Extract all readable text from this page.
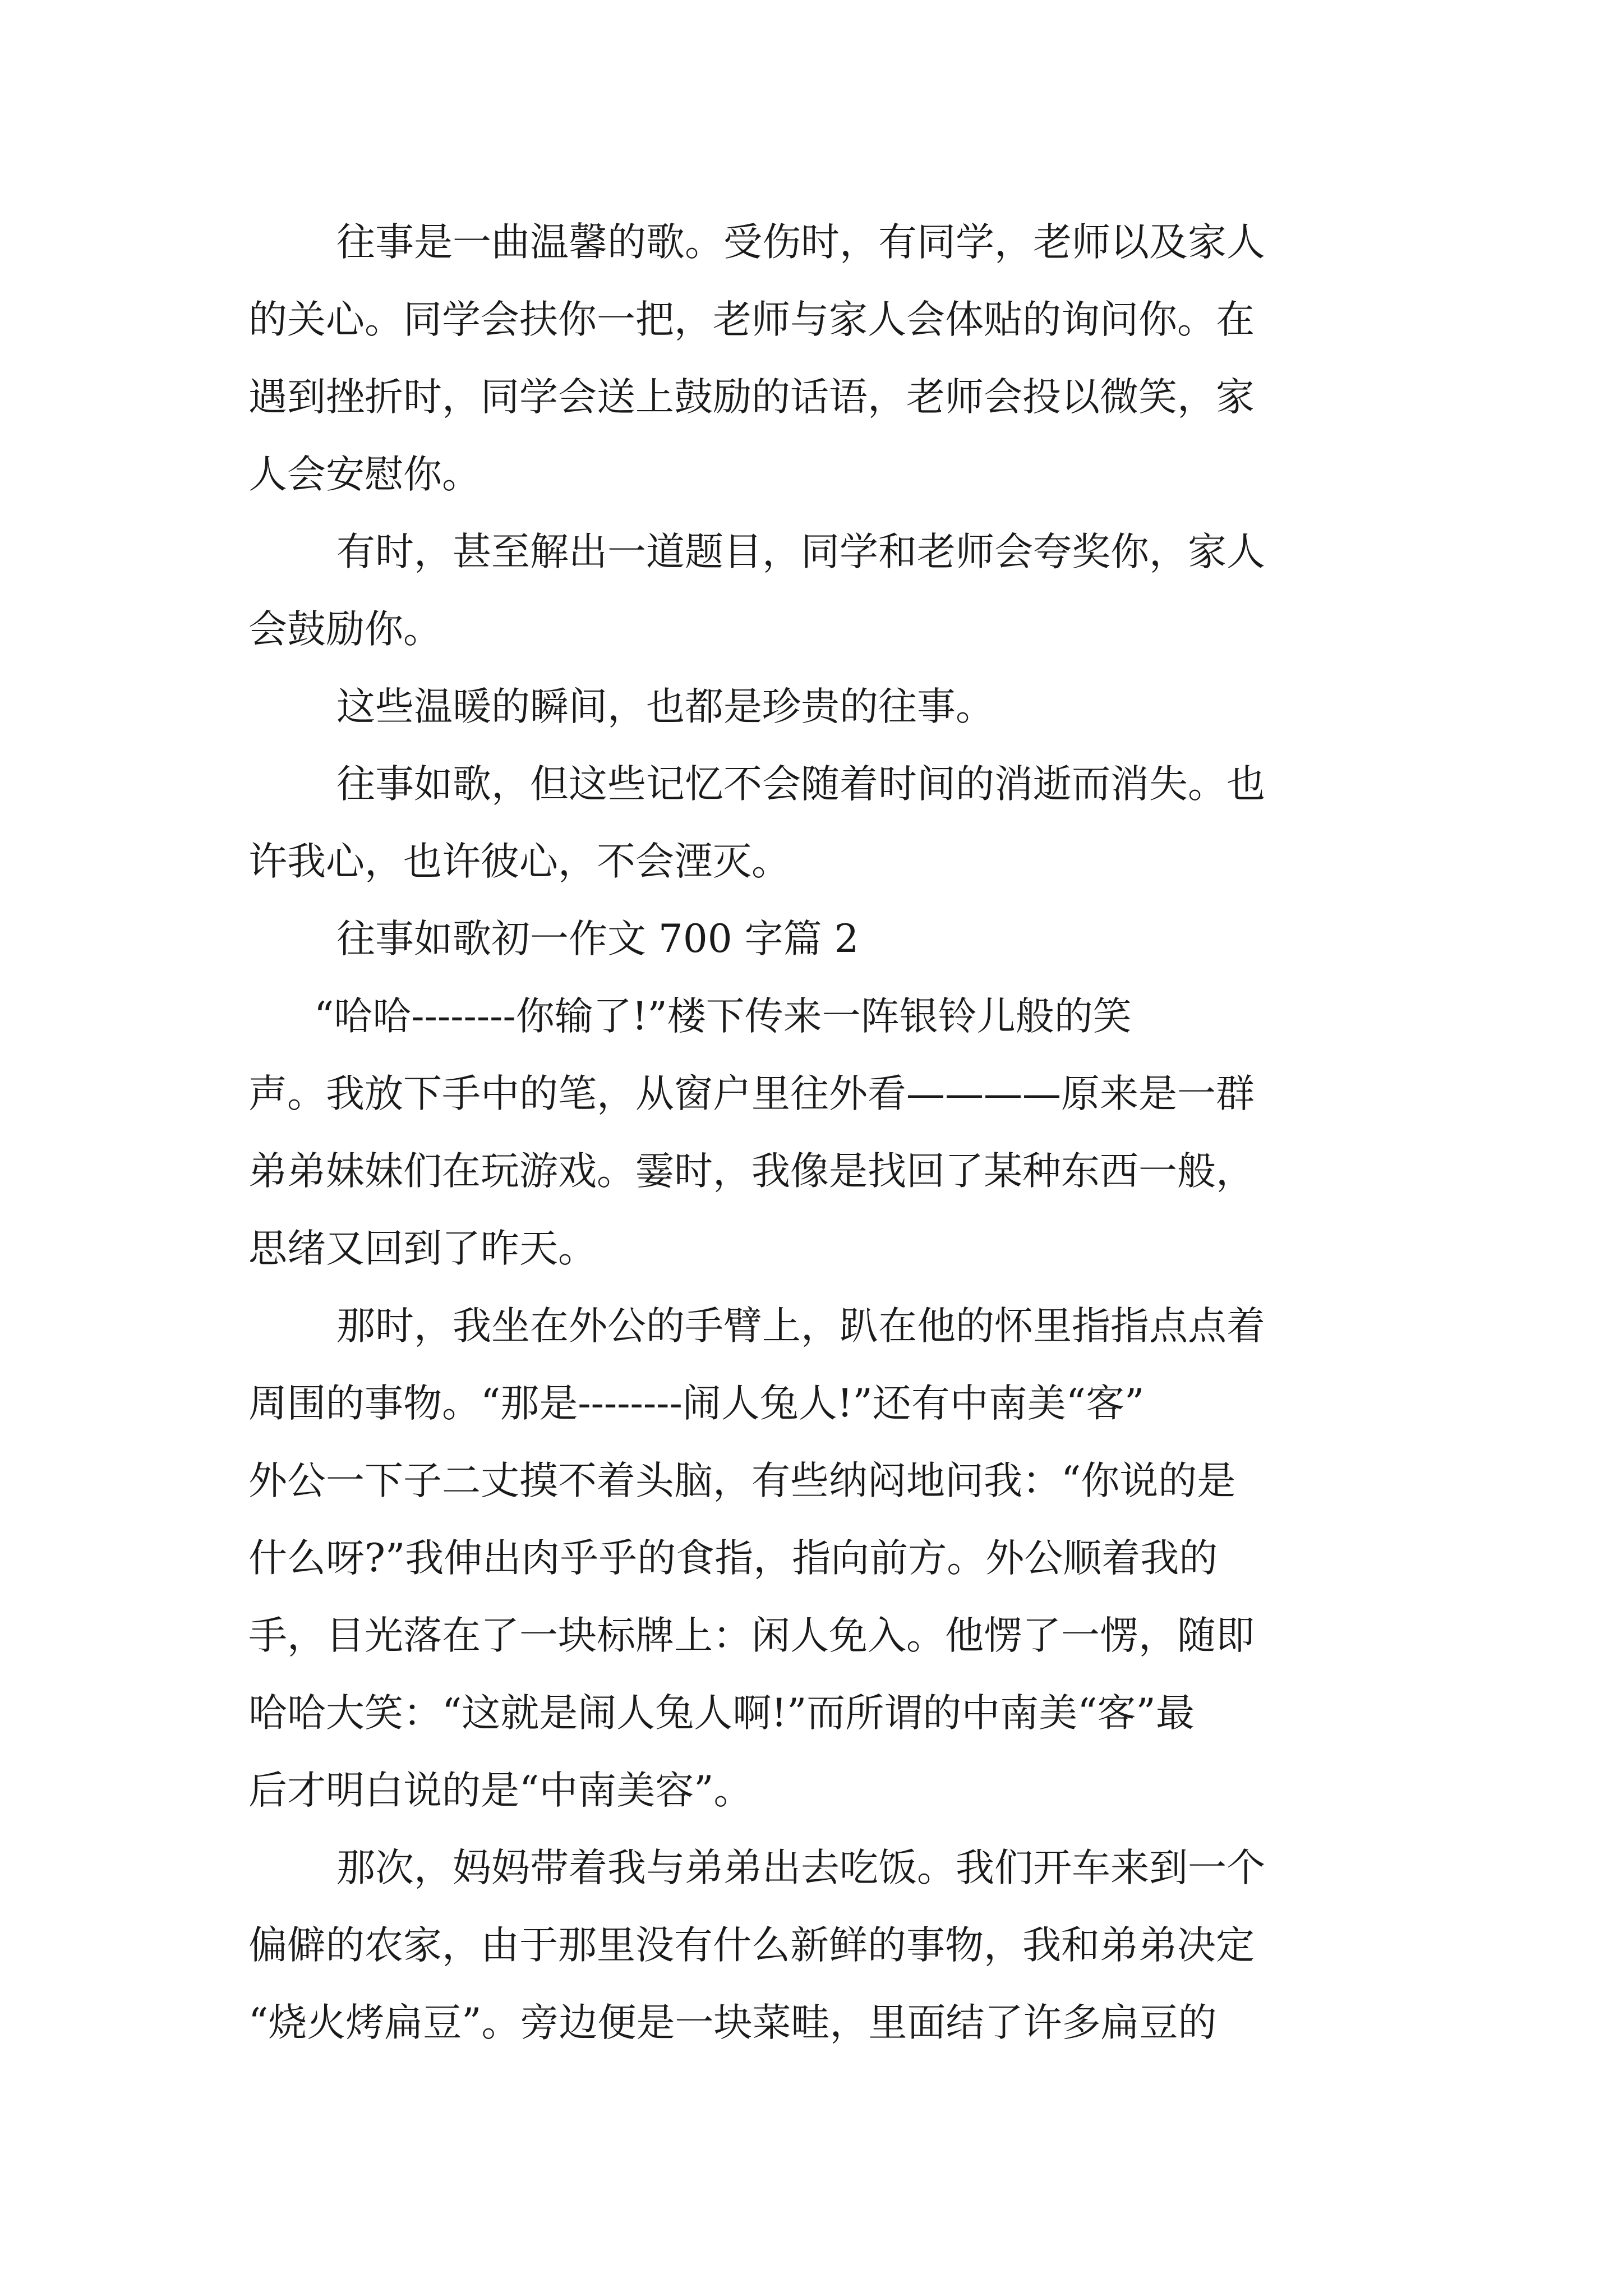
往事是一曲温馨的歌。受伤时，有同学，老师以及家人
的关心。同学会扶你一把，老师与家人会体贴的询问你。在
遇到挫折时，同学会送上鼓励的话语，老师会投以微笑，家
人会安慰你。
有时，甚至解出一道题目，同学和老师会夸奖你，家人
会鼓励你。
这些温暖的瞬间，也都是珍贵的往事。
往事如歌，但这些记忆不会随着时间的消逝而消失。也
许我心，也许彼心，不会湮灭。
往事如歌初一作文 700 字篇 2
“哈哈--------你输了!”楼下传来一阵银铃儿般的笑
声。我放下手中的笔，从窗户里往外看————原来是一群
弟弟妹妹们在玩游戏。霎时，我像是找回了某种东西一般，
思绪又回到了昨天。
那时，我坐在外公的手臂上，趴在他的怀里指指点点着
周围的事物。“那是--------闹人兔人!”还有中南美“客”
外公一下子二丈摸不着头脑，有些纳闷地问我：“你说的是
什么呀?”我伸出肉乎乎的食指，指向前方。外公顺着我的
手，目光落在了一块标牌上：闲人免入。他愣了一愣，随即
哈哈大笑：“这就是闹人兔人啊!”而所谓的中南美“客”最
后才明白说的是“中南美容”。
那次，妈妈带着我与弟弟出去吃饭。我们开车来到一个
偏僻的农家，由于那里没有什么新鲜的事物，我和弟弟决定
“烧火烤扁豆”。旁边便是一块菜畦，里面结了许多扁豆的
